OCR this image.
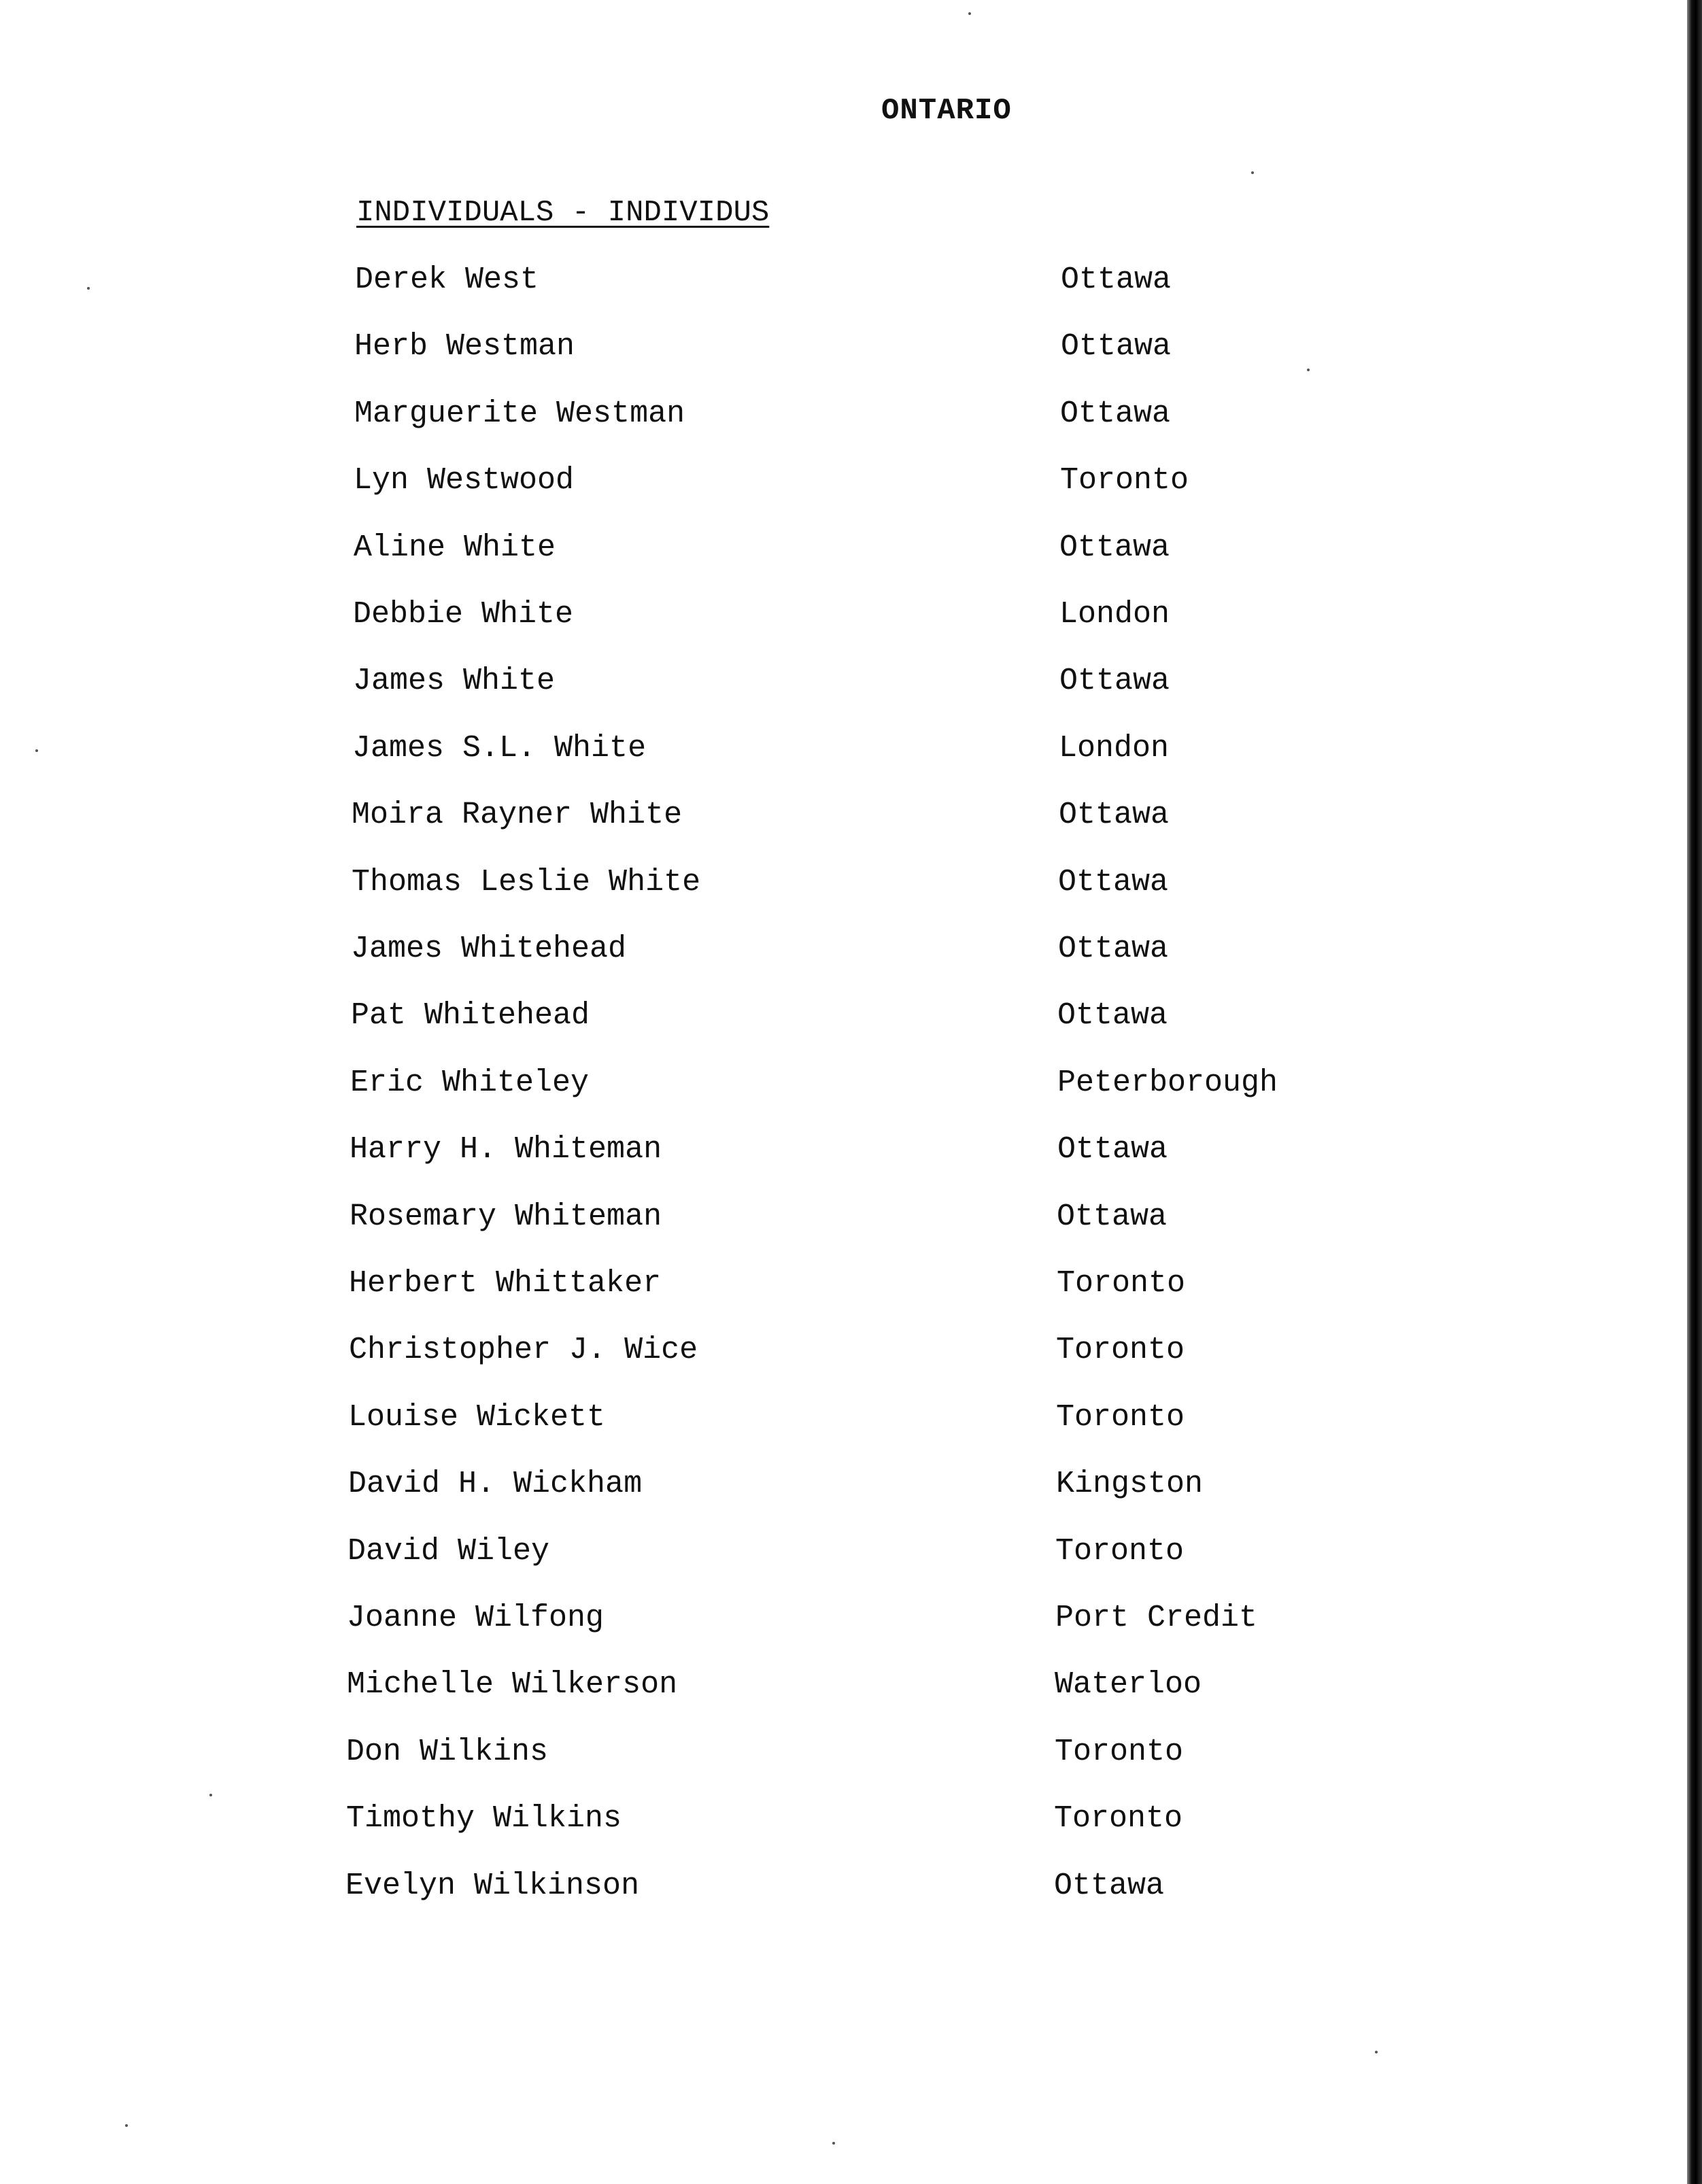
ONTARIO
INDIVIDUALS - INDIVIDUS
Derek West	Ottawa
Herb Westman	Ottawa
Marguerite Westman	Ottawa
Lyn Westwood	Toronto
Aline White	Ottawa
Debbie White	London
James White	Ottawa
James S.L. White	London
Moira Rayner White	Ottawa
Thomas Leslie White	Ottawa
James Whitehead	Ottawa
Pat Whitehead	Ottawa
Eric Whiteley	Peterborough
Harry H. Whiteman	Ottawa
Rosemary Whiteman	Ottawa
Herbert Whittaker	Toronto
Christopher J. Wice	Toronto
Louise Wickett	Toronto
David H. Wickham	Kingston
David Wiley	Toronto
Joanne Wilfong	Port Credit
Michelle Wilkerson	Waterloo
Don Wilkins	Toronto
Timothy Wilkins	Toronto
Evelyn Wilkinson	Ottawa
